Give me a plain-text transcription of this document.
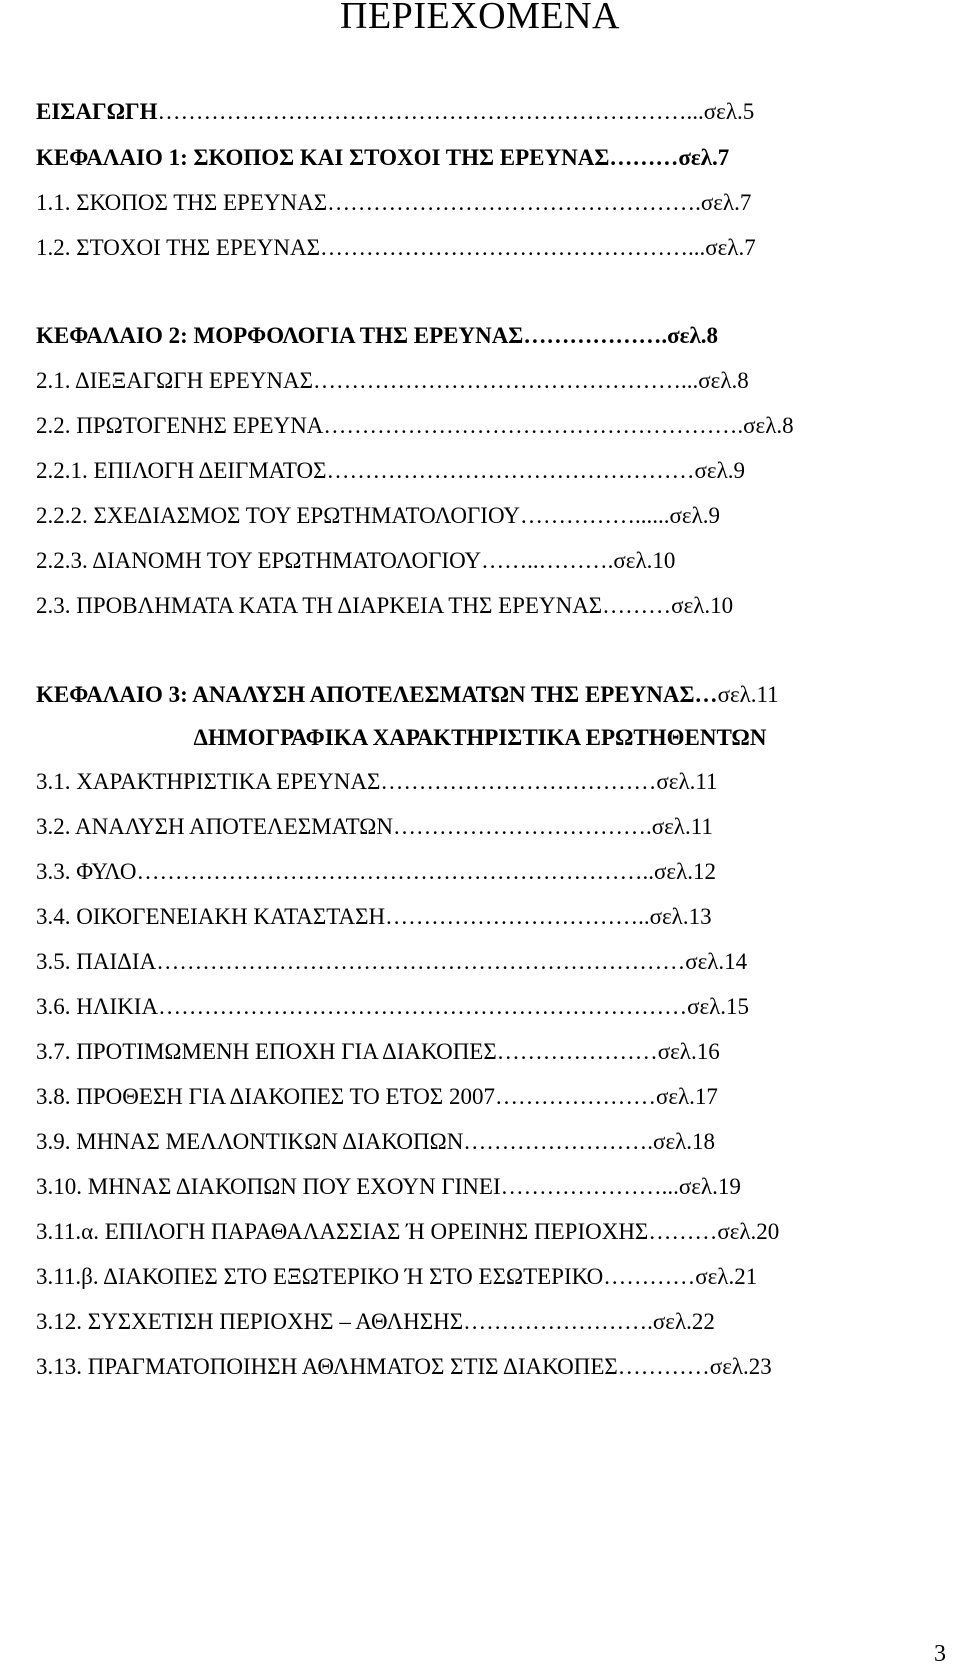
ΠΕΡΙΕΧΟΜΕΝΑ
ΕΙΣΑΓΩΓΗ……………………………………………………………...σελ.5
ΚΕΦΑΛΑΙΟ 1: ΣΚΟΠΟΣ ΚΑΙ ΣΤΟΧΟΙ ΤΗΣ ΕΡΕΥΝΑΣ………σελ.7
1.1. ΣΚΟΠΟΣ ΤΗΣ ΕΡΕΥΝΑΣ………………………………………….σελ.7
1.2. ΣΤΟΧΟΙ ΤΗΣ ΕΡΕΥΝΑΣ…………………………………………...σελ.7
ΚΕΦΑΛΑΙΟ 2: ΜΟΡΦΟΛΟΓΙΑ ΤΗΣ ΕΡΕΥΝΑΣ……………….σελ.8
2.1. ΔΙΕΞΑΓΩΓΗ ΕΡΕΥΝΑΣ…………………………………………...σελ.8
2.2. ΠΡΩΤΟΓΕΝΗΣ ΕΡΕΥΝΑ……………………………………………….σελ.8
2.2.1. ΕΠΙΛΟΓΗ ΔΕΙΓΜΑΤΟΣ…………………………………………σελ.9
2.2.2. ΣΧΕΔΙΑΣΜΟΣ ΤΟΥ ΕΡΩΤΗΜΑΤΟΛΟΓΙΟΥ……………......σελ.9
2.2.3. ΔΙΑΝΟΜΗ ΤΟΥ ΕΡΩΤΗΜΑΤΟΛΟΓΙΟΥ……..……….σελ.10
2.3. ΠΡΟΒΛΗΜΑΤΑ ΚΑΤΑ ΤΗ ΔΙΑΡΚΕΙΑ ΤΗΣ ΕΡΕΥΝΑΣ………σελ.10
ΚΕΦΑΛΑΙΟ 3: ΑΝΑΛΥΣΗ ΑΠΟΤΕΛΕΣΜΑΤΩΝ ΤΗΣ ΕΡΕΥΝΑΣ…σελ.11
ΔΗΜΟΓΡΑΦΙΚΑ ΧΑΡΑΚΤΗΡΙΣΤΙΚΑ ΕΡΩΤΗΘΕΝΤΩΝ
3.1. ΧΑΡΑΚΤΗΡΙΣΤΙΚΑ ΕΡΕΥΝΑΣ………………………………σελ.11
3.2. ΑΝΑΛΥΣΗ ΑΠΟΤΕΛΕΣΜΑΤΩΝ…………………………….σελ.11
3.3. ΦΥΛΟ…………………………………………………………..σελ.12
3.4. ΟΙΚΟΓΕΝΕΙΑΚΗ ΚΑΤΑΣΤΑΣΗ……………………………..σελ.13
3.5. ΠΑΙΔΙΑ……………………………………………………………σελ.14
3.6. ΗΛΙΚΙΑ……………………………………………………………σελ.15
3.7. ΠΡΟΤΙΜΩΜΕΝΗ ΕΠΟΧΗ ΓΙΑ ΔΙΑΚΟΠΕΣ…………………σελ.16
3.8. ΠΡΟΘΕΣΗ ΓΙΑ ΔΙΑΚΟΠΕΣ ΤΟ ΕΤΟΣ 2007…………………σελ.17
3.9. ΜΗΝΑΣ ΜΕΛΛΟΝΤΙΚΩΝ ΔΙΑΚΟΠΩΝ…………………….σελ.18
3.10. ΜΗΝΑΣ ΔΙΑΚΟΠΩΝ ΠΟΥ ΕΧΟΥΝ ΓΙΝΕΙ…………………...σελ.19
3.11.α. ΕΠΙΛΟΓΗ ΠΑΡΑΘΑΛΑΣΣΙΑΣ Ή ΟΡΕΙΝΗΣ ΠΕΡΙΟΧΗΣ………σελ.20
3.11.β. ΔΙΑΚΟΠΕΣ ΣΤΟ ΕΞΩΤΕΡΙΚΟ Ή ΣΤΟ ΕΣΩΤΕΡΙΚΟ…………σελ.21
3.12. ΣΥΣΧΕΤΙΣΗ ΠΕΡΙΟΧΗΣ – ΑΘΛΗΣΗΣ…………………….σελ.22
3.13. ΠΡΑΓΜΑΤΟΠΟΙΗΣΗ ΑΘΛΗΜΑΤΟΣ ΣΤΙΣ ΔΙΑΚΟΠΕΣ…………σελ.23
3
